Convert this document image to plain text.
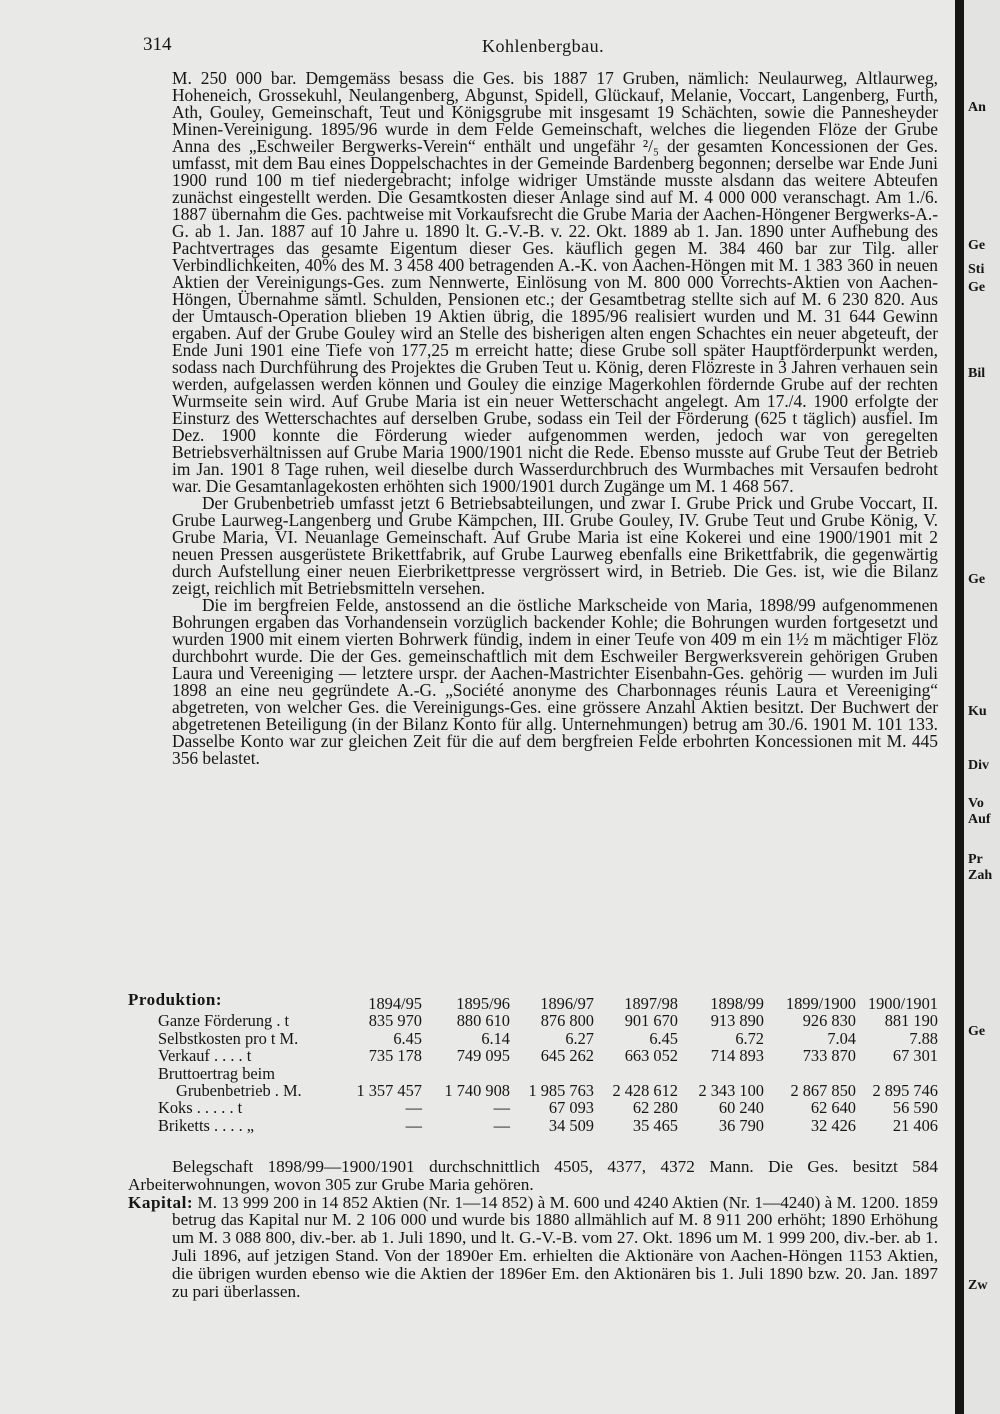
314	Kohlenbergbau.

M. 250 000 bar. Demgemäss besass die Ges. bis 1887 17 Gruben, nämlich: Neulaurweg, Altlaurweg, Hoheneich, Grossekuhl, Neulangenberg, Abgunst, Spidell, Glückauf, Melanie, Voccart, Langenberg, Furth, Ath, Gouley, Gemeinschaft, Teut und Königsgrube mit insgesamt 19 Schächten, sowie die Pannesheyder Minen-Vereinigung. 1895/96 wurde in dem Felde Gemeinschaft, welches die liegenden Flöze der Grube Anna des „Eschweiler Bergwerks-Verein“ enthält und ungefähr ²/₅ der gesamten Koncessionen der Ges. umfasst, mit dem Bau eines Doppelschachtes in der Gemeinde Bardenberg begonnen; derselbe war Ende Juni 1900 rund 100 m tief niedergebracht; infolge widriger Umstände musste alsdann das weitere Abteufen zunächst eingestellt werden. Die Gesamtkosten dieser Anlage sind auf M. 4 000 000 veranschagt. Am 1./6. 1887 übernahm die Ges. pachtweise mit Vorkaufsrecht die Grube Maria der Aachen-Höngener Bergwerks-A.-G. ab 1. Jan. 1887 auf 10 Jahre u. 1890 lt. G.-V.-B. v. 22. Okt. 1889 ab 1. Jan. 1890 unter Aufhebung des Pachtvertrages das gesamte Eigentum dieser Ges. käuflich gegen M. 384 460 bar zur Tilg. aller Verbindlichkeiten, 40% des M. 3 458 400 betragenden A.-K. von Aachen-Höngen mit M. 1 383 360 in neuen Aktien der Vereinigungs-Ges. zum Nennwerte, Einlösung von M. 800 000 Vorrechts-Aktien von Aachen-Höngen, Übernahme sämtl. Schulden, Pensionen etc.; der Gesamtbetrag stellte sich auf M. 6 230 820. Aus der Umtausch-Operation blieben 19 Aktien übrig, die 1895/96 realisiert wurden und M. 31 644 Gewinn ergaben. Auf der Grube Gouley wird an Stelle des bisherigen alten engen Schachtes ein neuer abgeteuft, der Ende Juni 1901 eine Tiefe von 177,25 m erreicht hatte; diese Grube soll später Hauptförderpunkt werden, sodass nach Durchführung des Projektes die Gruben Teut u. König, deren Flözreste in 3 Jahren verhauen sein werden, aufgelassen werden können und Gouley die einzige Magerkohlen fördernde Grube auf der rechten Wurmseite sein wird. Auf Grube Maria ist ein neuer Wetterschacht angelegt. Am 17./4. 1900 erfolgte der Einsturz des Wetterschachtes auf derselben Grube, sodass ein Teil der Förderung (625 t täglich) ausfiel. Im Dez. 1900 konnte die Förderung wieder aufgenommen werden, jedoch war von geregelten Betriebsverhältnissen auf Grube Maria 1900/1901 nicht die Rede. Ebenso musste auf Grube Teut der Betrieb im Jan. 1901 8 Tage ruhen, weil dieselbe durch Wasserdurchbruch des Wurmbaches mit Versaufen bedroht war. Die Gesamtanlagekosten erhöhten sich 1900/1901 durch Zugänge um M. 1 468 567.

Der Grubenbetrieb umfasst jetzt 6 Betriebsabteilungen, und zwar I. Grube Prick und Grube Voccart, II. Grube Laurweg-Langenberg und Grube Kämpchen, III. Grube Gouley, IV. Grube Teut und Grube König, V. Grube Maria, VI. Neuanlage Gemeinschaft. Auf Grube Maria ist eine Kokerei und eine 1900/1901 mit 2 neuen Pressen ausgerüstete Brikettfabrik, auf Grube Laurweg ebenfalls eine Brikettfabrik, die gegenwärtig durch Aufstellung einer neuen Eierbrikettpresse vergrössert wird, in Betrieb. Die Ges. ist, wie die Bilanz zeigt, reichlich mit Betriebsmitteln versehen.

Die im bergfreien Felde, anstossend an die östliche Markscheide von Maria, 1898/99 aufgenommenen Bohrungen ergaben das Vorhandensein vorzüglich backender Kohle; die Bohrungen wurden fortgesetzt und wurden 1900 mit einem vierten Bohrwerk fündig, indem in einer Teufe von 409 m ein 1½ m mächtiger Flöz durchbohrt wurde. Die der Ges. gemeinschaftlich mit dem Eschweiler Bergwerksverein gehörigen Gruben Laura und Vereeniging — letztere urspr. der Aachen-Mastrichter Eisenbahn-Ges. gehörig — wurden im Juli 1898 an eine neu gegründete A.-G. „Société anonyme des Charbonnages réunis Laura et Vereeniging“ abgetreten, von welcher Ges. die Vereinigungs-Ges. eine grössere Anzahl Aktien besitzt. Der Buchwert der abgetretenen Beteiligung (in der Bilanz Konto für allg. Unternehmungen) betrug am 30./6. 1901 M. 101 133. Dasselbe Konto war zur gleichen Zeit für die auf dem bergfreien Felde erbohrten Koncessionen mit M. 445 356 belastet.

Produktion:
		1894/95	1895/96	1896/97	1897/98	1898/99	1899/1900	1900/1901
Ganze Förderung . t	835 970	880 610	876 800	901 670	913 890	926 830	881 190
Selbstkosten pro t M.	6.45	6.14	6.27	6.45	6.72	7.04	7.88
Verkauf . . . . t	735 178	749 095	645 262	663 052	714 893	733 870	67 301
Bruttoertrag beim							
Grubenbetrieb . M.	1 357 457	1 740 908	1 985 763	2 428 612	2 343 100	2 867 850	2 895 746
Koks . . . . . t	—	—	67 093	62 280	60 240	62 640	56 590
Briketts . . . . „	—	—	34 509	35 465	36 790	32 426	21 406

Belegschaft 1898/99—1900/1901 durchschnittlich 4505, 4377, 4372 Mann. Die Ges. besitzt 584 Arbeiterwohnungen, wovon 305 zur Grube Maria gehören.

Kapital: M. 13 999 200 in 14 852 Aktien (Nr. 1—14 852) à M. 600 und 4240 Aktien (Nr. 1—4240) à M. 1200. 1859 betrug das Kapital nur M. 2 106 000 und wurde bis 1880 allmählich auf M. 8 911 200 erhöht; 1890 Erhöhung um M. 3 088 800, div.-ber. ab 1. Juli 1890, und lt. G.-V.-B. vom 27. Okt. 1896 um M. 1 999 200, div.-ber. ab 1. Juli 1896, auf jetzigen Stand. Von der 1890er Em. erhielten die Aktionäre von Aachen-Höngen 1153 Aktien, die übrigen wurden ebenso wie die Aktien der 1896er Em. den Aktionären bis 1. Juli 1890 bzw. 20. Jan. 1897 zu pari überlassen.

An
Ge
Sti
Ge
Bil
Ge
Ku
Div
Vo
Auf
Pr
Zah
Ge
Zw
